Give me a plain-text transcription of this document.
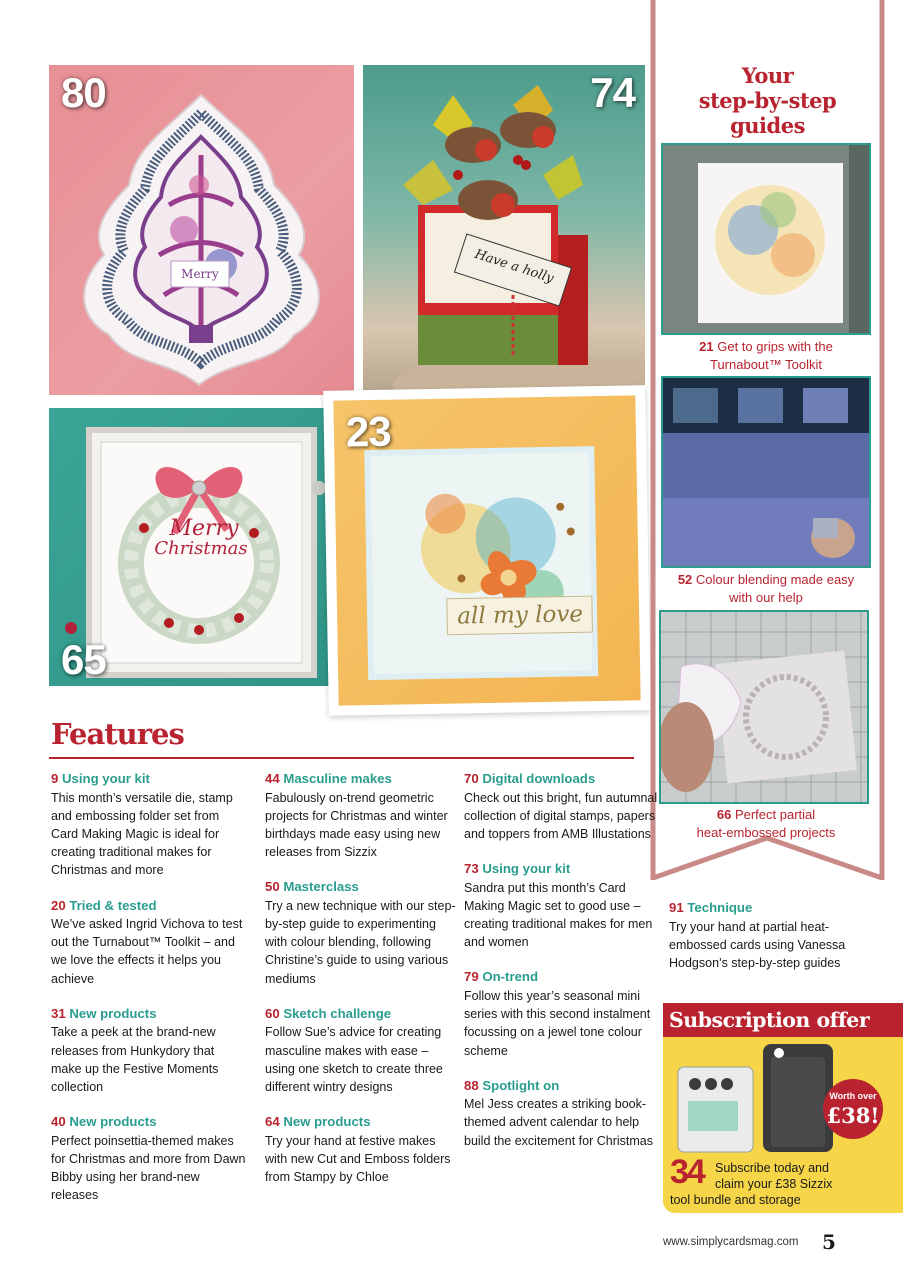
Merry
80
Have a holly
74
Merry
Christmas
65
all my love
23
Your
step-by-step
guides
21 Get to grips with the
Turnabout™ Toolkit
52 Colour blending made easy
with our help
66 Perfect partial
heat-embossed projects
Features
9 Using your kit
This month’s versatile die, stamp and embossing folder set from Card Making Magic is ideal for creating traditional makes for Christmas and more
20 Tried & tested
We’ve asked Ingrid Vichova to test out the Turnabout™ Toolkit – and we love the effects it helps you achieve
31 New products
Take a peek at the brand-new releases from Hunkydory that make up the Festive Moments collection
40 New products
Perfect poinsettia-themed makes for Christmas and more from Dawn Bibby using her brand-new releases
44 Masculine makes
Fabulously on-trend geometric projects for Christmas and winter birthdays made easy using new releases from Sizzix
50 Masterclass
Try a new technique with our step-by-step guide to experimenting with colour blending, following Christine’s guide to using various mediums
60 Sketch challenge
Follow Sue’s advice for creating masculine makes with ease – using one sketch to create three different wintry designs
64 New products
Try your hand at festive makes with new Cut and Emboss folders from Stampy by Chloe
70 Digital downloads
Check out this bright, fun autumnal collection of digital stamps, papers and toppers from AMB Illustations
73 Using your kit
Sandra put this month’s Card Making Magic set to good use – creating traditional makes for men and women
79 On-trend
Follow this year’s seasonal mini series with this second instalment focussing on a jewel tone colour scheme
88 Spotlight on
Mel Jess creates a striking book-themed advent calendar to help build the excitement for Christmas
91 Technique
Try your hand at partial heat-embossed cards using Vanessa Hodgson’s step-by-step guides
Subscription offer
Worth over
£38!
34 Subscribe today and
claim your £38 Sizzix
tool bundle and storage
www.simplycardsmag.com 5
